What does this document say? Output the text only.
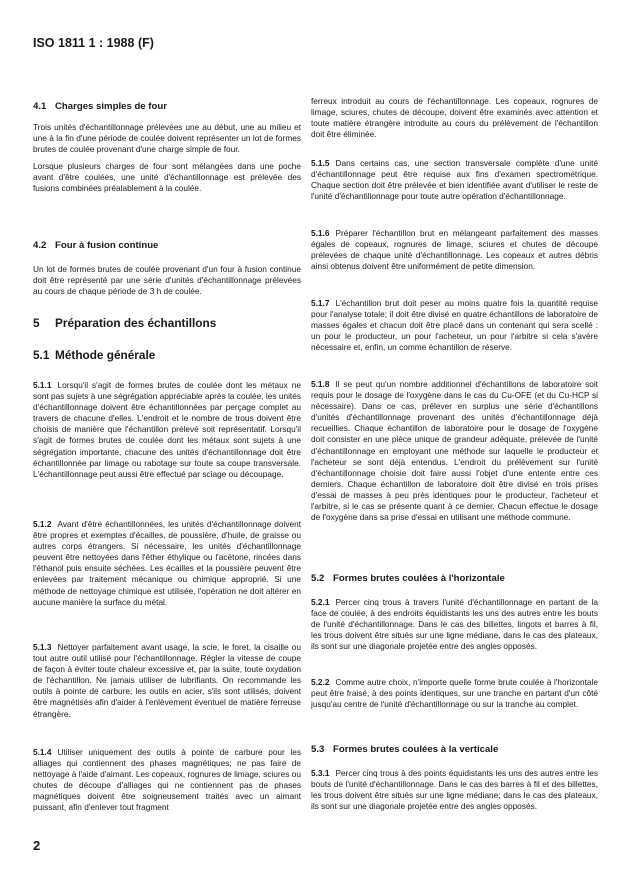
ISO 1811 1 : 1988 (F)
4.1 Charges simples de four
Trois unités d'échantillonnage prélevées une au début, une au milieu et une à la fin d'une période de coulée doivent représenter un lot de formes brutes de coulée provenant d'une charge simple de four.
Lorsque plusieurs charges de four sont mélangées dans une poche avant d'être coulées, une unité d'échantillonnage est prélevée des fusions combinées préalablement à la coulée.
4.2 Four à fusion continue
Un lot de formes brutes de coulée provenant d'un four à fusion continue doit être représenté par une série d'unités d'échantillonnage prélevées au cours de chaque période de 3 h de coulée.
5 Préparation des échantillons
5.1 Méthode générale
5.1.1 Lorsqu'il s'agit de formes brutes de coulée dont les métaux ne sont pas sujets à une ségrégation appréciable après la coulée, les unités d'échantillonnage doivent être échantillonnées par perçage complet au travers de chacune d'elles. L'endroit et le nombre de trous doivent être choisis de manière que l'échantillon prélevé soit représentatif. Lorsqu'il s'agit de formes brutes de coulée dont les métaux sont sujets à une ségrégation importante, chacune des unités d'échantillonnage doit être échantillonnée par limage ou rabotage sur toute sa coupe transversale. L'échantillonnage peut aussi être effectué par sciage ou découpage.
5.1.2 Avant d'être échantillonnées, les unités d'échantillonnage doivent être propres et exemptes d'écailles, de poussière, d'huile, de graisse ou autres corps étrangers. Si nécessaire, les unités d'échantillonnage peuvent être nettoyées dans l'éther éthylique ou l'acétone, rincées dans l'éthanol puis ensuite séchées. Les écailles et la poussière peuvent être enlevées par traitement mécanique ou chimique approprié. Si une méthode de nettoyage chimique est utilisée, l'opération ne doit altérer en aucune manière la surface du métal.
5.1.3 Nettoyer parfaitement avant usage, la scie, le foret, la cisaille ou tout autre outil utilisé pour l'échantillonnage. Régler la vitesse de coupe de façon à éviter toute chaleur excessive et, par la suite, toute oxydation de l'échantillon. Ne jamais utiliser de lubrifiants. On recommande les outils à pointe de carbure; les outils en acier, s'ils sont utilisés, doivent être magnétisés afin d'aider à l'enlèvement éventuel de matière ferreuse étrangère.
5.1.4 Utiliser uniquement des outils à pointe de carbure pour les alliages qui contiennent des phases magnétiques; ne pas faire de nettoyage à l'aide d'aimant. Les copeaux, rognures de limage, sciures ou chutes de découpe d'alliages qui ne contiennent pas de phases magnétiques doivent être soigneusement traités avec un aimant puissant, afin d'enlever tout fragment
ferreux introduit au cours de l'échantillonnage. Les copeaux, rognures de limage, sciures, chutes de découpe, doivent être examinés avec attention et toute matière étrangère introduite au cours du prélèvement de l'échantillon doit être éliminée.
5.1.5 Dans certains cas, une section transversale complète d'une unité d'échantillonnage peut être requise aux fins d'examen spectrométrique. Chaque section doit être prélevée et bien identifiée avant d'utiliser le reste de l'unité d'échantillonnage pour toute autre opération d'échantillonnage.
5.1.6 Préparer l'échantillon brut en mélangeant parfaitement des masses égales de copeaux, rognures de limage, sciures et chutes de découpe prélevées de chaque unité d'échantillonnage. Les copeaux et autres débris ainsi obtenus doivent être uniformément de petite dimension.
5.1.7 L'échantillon brut doit peser au moins quatre fois la quantité requise pour l'analyse totale; il doit être divisé en quatre échantillons de laboratoire de masses égales et chacun doit être placé dans un contenant qui sera scellé : un pour le producteur, un pour l'acheteur, un pour l'arbitre si cela s'avère nécessaire et, enfin, un comme échantillon de réserve.
5.1.8 Il se peut qu'un nombre additionnel d'échantillons de laboratoire soit requis pour le dosage de l'oxygène dans le cas du Cu-OFE (et du Cu-HCP si nécessaire). Dans ce cas, prélever en surplus une série d'échantillons d'unités d'échantillonnage provenant des unités d'échantillonnage déjà recueillies. Chaque échantillon de laboratoire pour le dosage de l'oxygène doit consister en une pièce unique de grandeur adéquate, prélevée de l'unité d'échantillonnage en employant une méthode sur laquelle le producteur et l'acheteur se sont déjà entendus. L'endroit du prélèvement sur l'unité d'échantillonnage choisie doit faire aussi l'objet d'une entente entre ces derniers. Chaque échantillon de laboratoire doit être divisé en trois prises d'essai de masses à peu près identiques pour le producteur, l'acheteur et l'arbitre, si le cas se présente quant à ce dernier. Chacun effectue le dosage de l'oxygène dans sa prise d'essai en utilisant une méthode commune.
5.2 Formes brutes coulées à l'horizontale
5.2.1 Percer cinq trous à travers l'unité d'échantillonnage en partant de la face de coulée, à des endroits équidistants les uns des autres entre les bouts de l'unité d'échantillonnage. Dans le cas des billettes, lingots et barres à fil, les trous doivent être situés sur une ligne médiane, dans le cas des plateaux, ils sont sur une diagonale projetée entre des angles opposés.
5.2.2 Comme autre choix, n'importe quelle forme brute coulée à l'horizontale peut être fraisé, à des points identiques, sur une tranche en partant d'un côté jusqu'au centre de l'unité d'échantillonnage ou sur la tranche au complet.
5.3 Formes brutes coulées à la verticale
5.3.1 Percer cinq trous à des points équidistants les uns des autres entre les bouts de l'unité d'échantillonnage. Dans le cas des barres à fil et des billettes, les trous doivent être situés sur une ligne médiane; dans le cas des plateaux, ils sont sur une diagonale projetée entre des angles opposés.
2
